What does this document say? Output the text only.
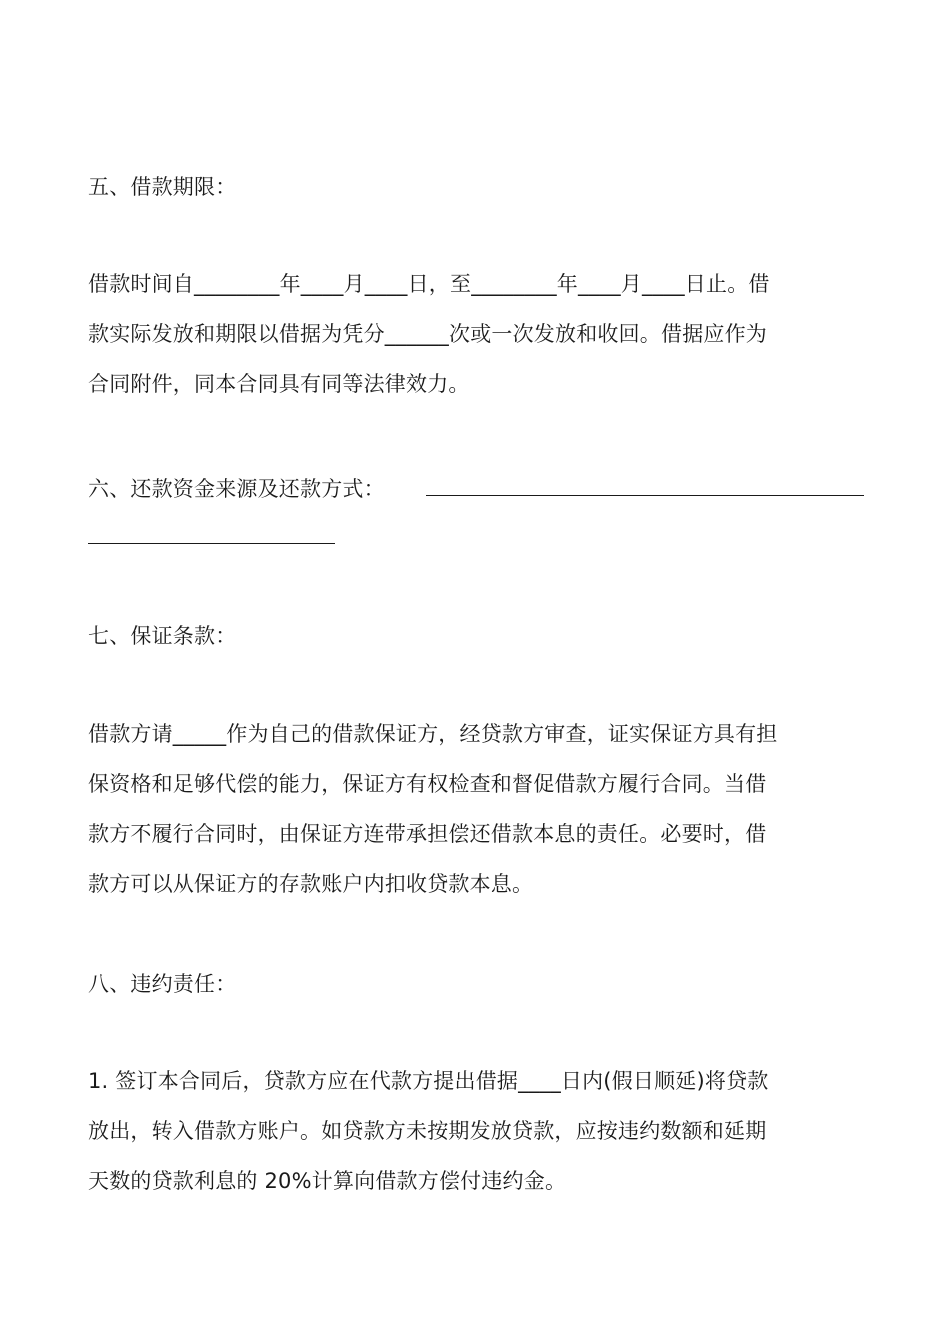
五、借款期限：
借款时间自________年____月____日，至________年____月____日止。借
款实际发放和期限以借据为凭分______次或一次发放和收回。借据应作为
合同附件，同本合同具有同等法律效力。
六、还款资金来源及还款方式：
七、保证条款：
借款方请_____作为自己的借款保证方，经贷款方审查，证实保证方具有担
保资格和足够代偿的能力，保证方有权检查和督促借款方履行合同。当借
款方不履行合同时，由保证方连带承担偿还借款本息的责任。必要时，借
款方可以从保证方的存款账户内扣收贷款本息。
八、违约责任：
1. 签订本合同后，贷款方应在代款方提出借据____日内(假日顺延)将贷款
放出，转入借款方账户。如贷款方未按期发放贷款，应按违约数额和延期
天数的贷款利息的 20%计算向借款方偿付违约金。
